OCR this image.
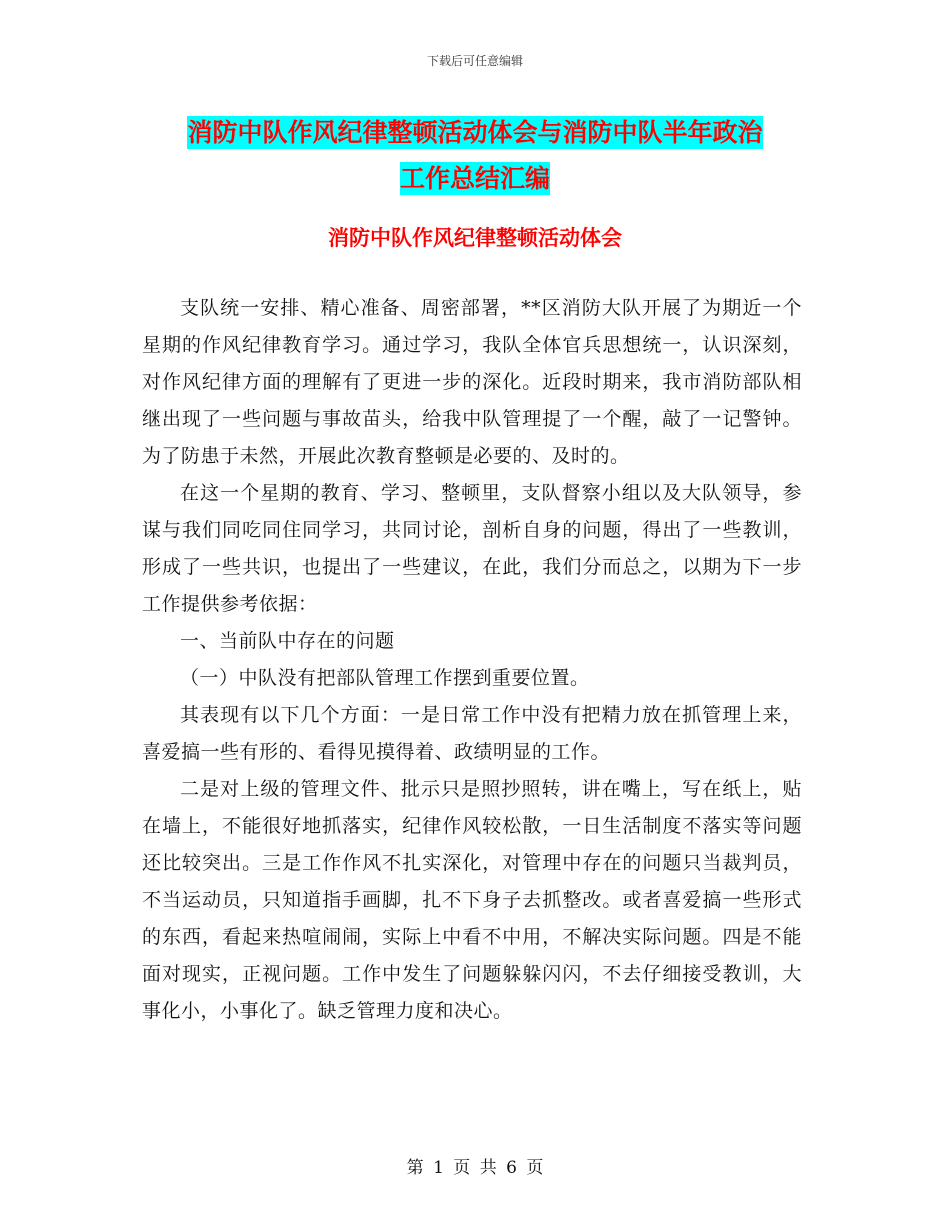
下载后可任意编辑
消防中队作风纪律整顿活动体会与消防中队半年政治
工作总结汇编
消防中队作风纪律整顿活动体会

支队统一安排、精心准备、周密部署，**区消防大队开展了为期近一个星期的作风纪律教育学习。通过学习，我队全体官兵思想统一，认识深刻，对作风纪律方面的理解有了更进一步的深化。近段时期来，我市消防部队相继出现了一些问题与事故苗头，给我中队管理提了一个醒，敲了一记警钟。为了防患于未然，开展此次教育整顿是必要的、及时的。

在这一个星期的教育、学习、整顿里，支队督察小组以及大队领导，参谋与我们同吃同住同学习，共同讨论，剖析自身的问题，得出了一些教训，形成了一些共识，也提出了一些建议，在此，我们分而总之，以期为下一步工作提供参考依据：

一、当前队中存在的问题

（一）中队没有把部队管理工作摆到重要位置。

其表现有以下几个方面：一是日常工作中没有把精力放在抓管理上来，喜爱搞一些有形的、看得见摸得着、政绩明显的工作。

二是对上级的管理文件、批示只是照抄照转，讲在嘴上，写在纸上，贴在墙上，不能很好地抓落实，纪律作风较松散，一日生活制度不落实等问题还比较突出。三是工作作风不扎实深化，对管理中存在的问题只当裁判员，不当运动员，只知道指手画脚，扎不下身子去抓整改。或者喜爱搞一些形式的东西，看起来热喧闹闹，实际上中看不中用，不解决实际问题。四是不能面对现实，正视问题。工作中发生了问题躲躲闪闪，不去仔细接受教训，大事化小，小事化了。缺乏管理力度和决心。

第 1 页 共 6 页
